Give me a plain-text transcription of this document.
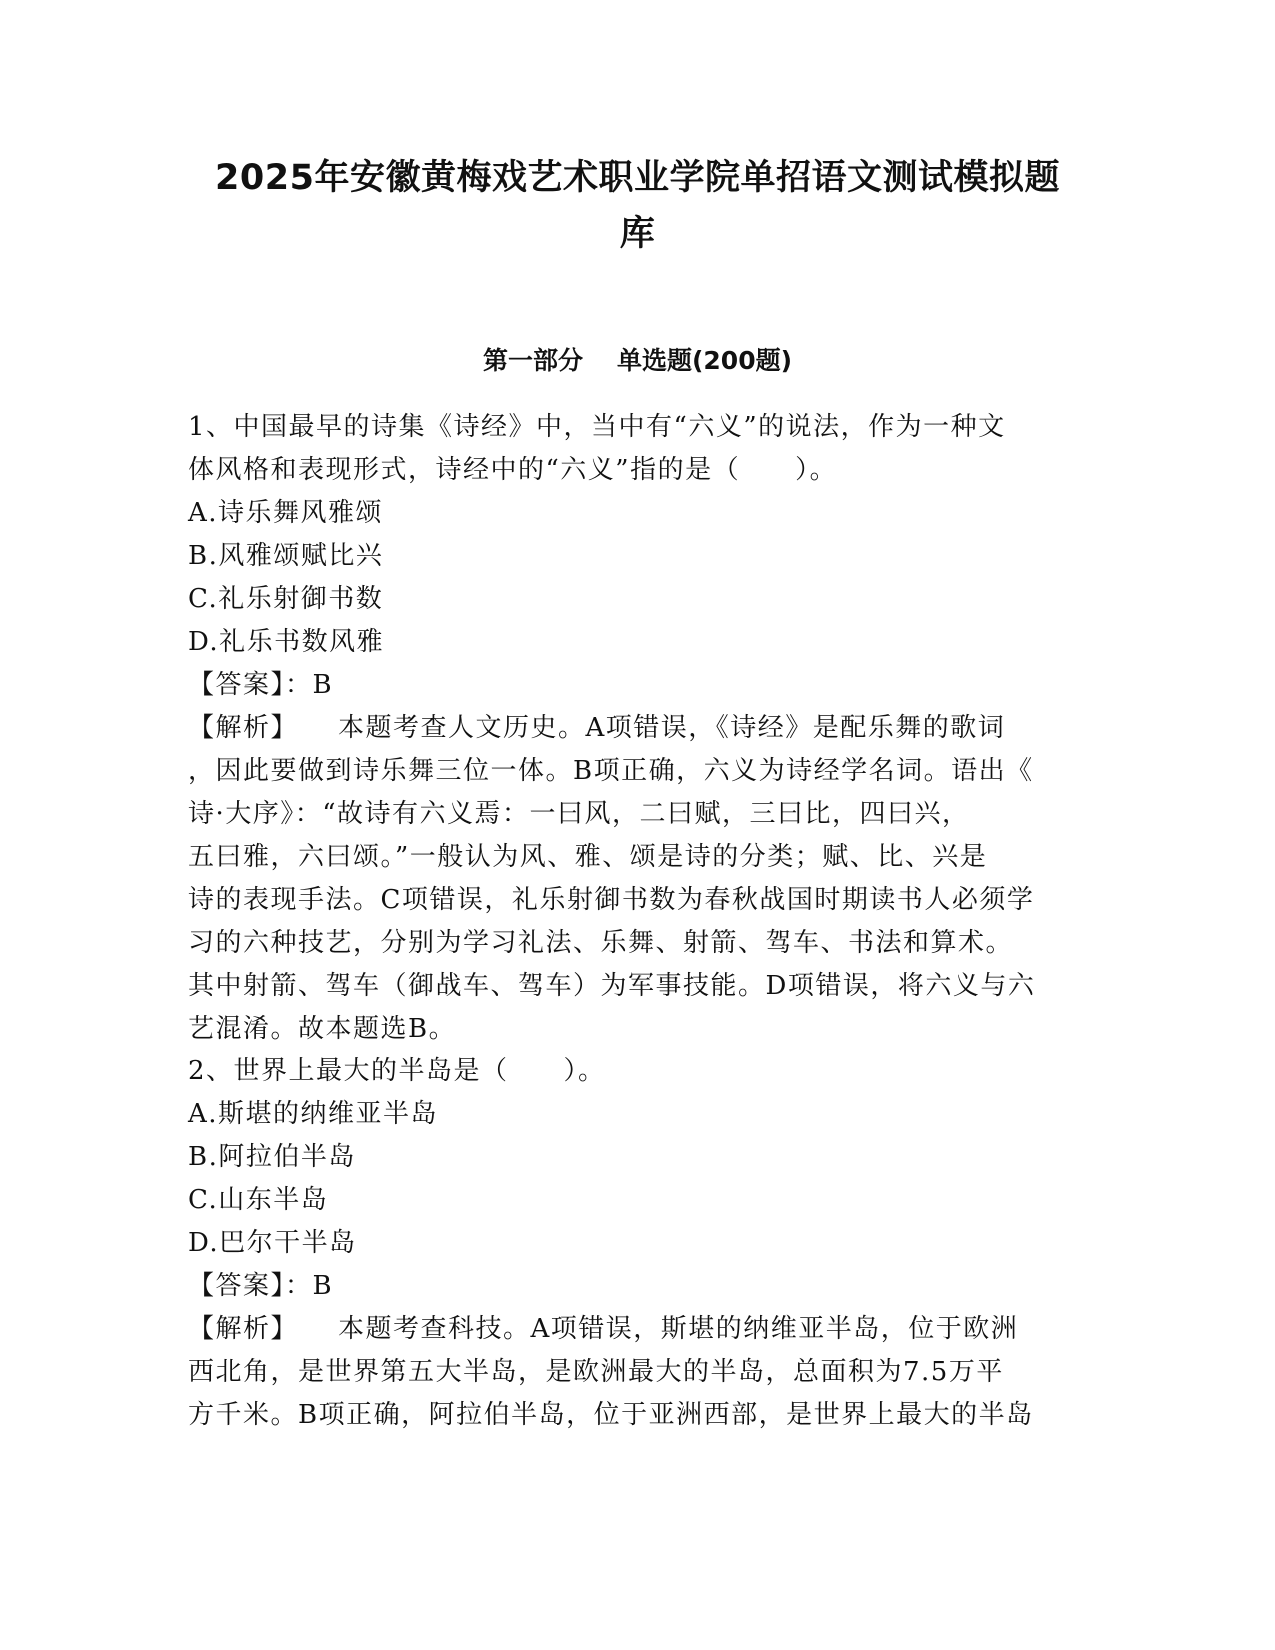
2025年安徽黄梅戏艺术职业学院单招语文测试模拟题
库
第一部分 单选题(200题)
1、中国最早的诗集《诗经》中，当中有“六义”的说法，作为一种文
体风格和表现形式，诗经中的“六义”指的是（　　）。
A.诗乐舞风雅颂
B.风雅颂赋比兴
C.礼乐射御书数
D.礼乐书数风雅
【答案】：B
【解析】 本题考查人文历史。A项错误，《诗经》是配乐舞的歌词
，因此要做到诗乐舞三位一体。B项正确，六义为诗经学名词。语出《
诗·大序》：“故诗有六义焉：一曰风，二曰赋，三曰比，四曰兴，
五曰雅，六曰颂。”一般认为风、雅、颂是诗的分类；赋、比、兴是
诗的表现手法。C项错误，礼乐射御书数为春秋战国时期读书人必须学
习的六种技艺，分别为学习礼法、乐舞、射箭、驾车、书法和算术。
其中射箭、驾车（御战车、驾车）为军事技能。D项错误，将六义与六
艺混淆。故本题选B。
2、世界上最大的半岛是（　　）。
A.斯堪的纳维亚半岛
B.阿拉伯半岛
C.山东半岛
D.巴尔干半岛
【答案】：B
【解析】 本题考查科技。A项错误，斯堪的纳维亚半岛，位于欧洲
西北角，是世界第五大半岛，是欧洲最大的半岛，总面积为7.5万平
方千米。B项正确，阿拉伯半岛，位于亚洲西部，是世界上最大的半岛
